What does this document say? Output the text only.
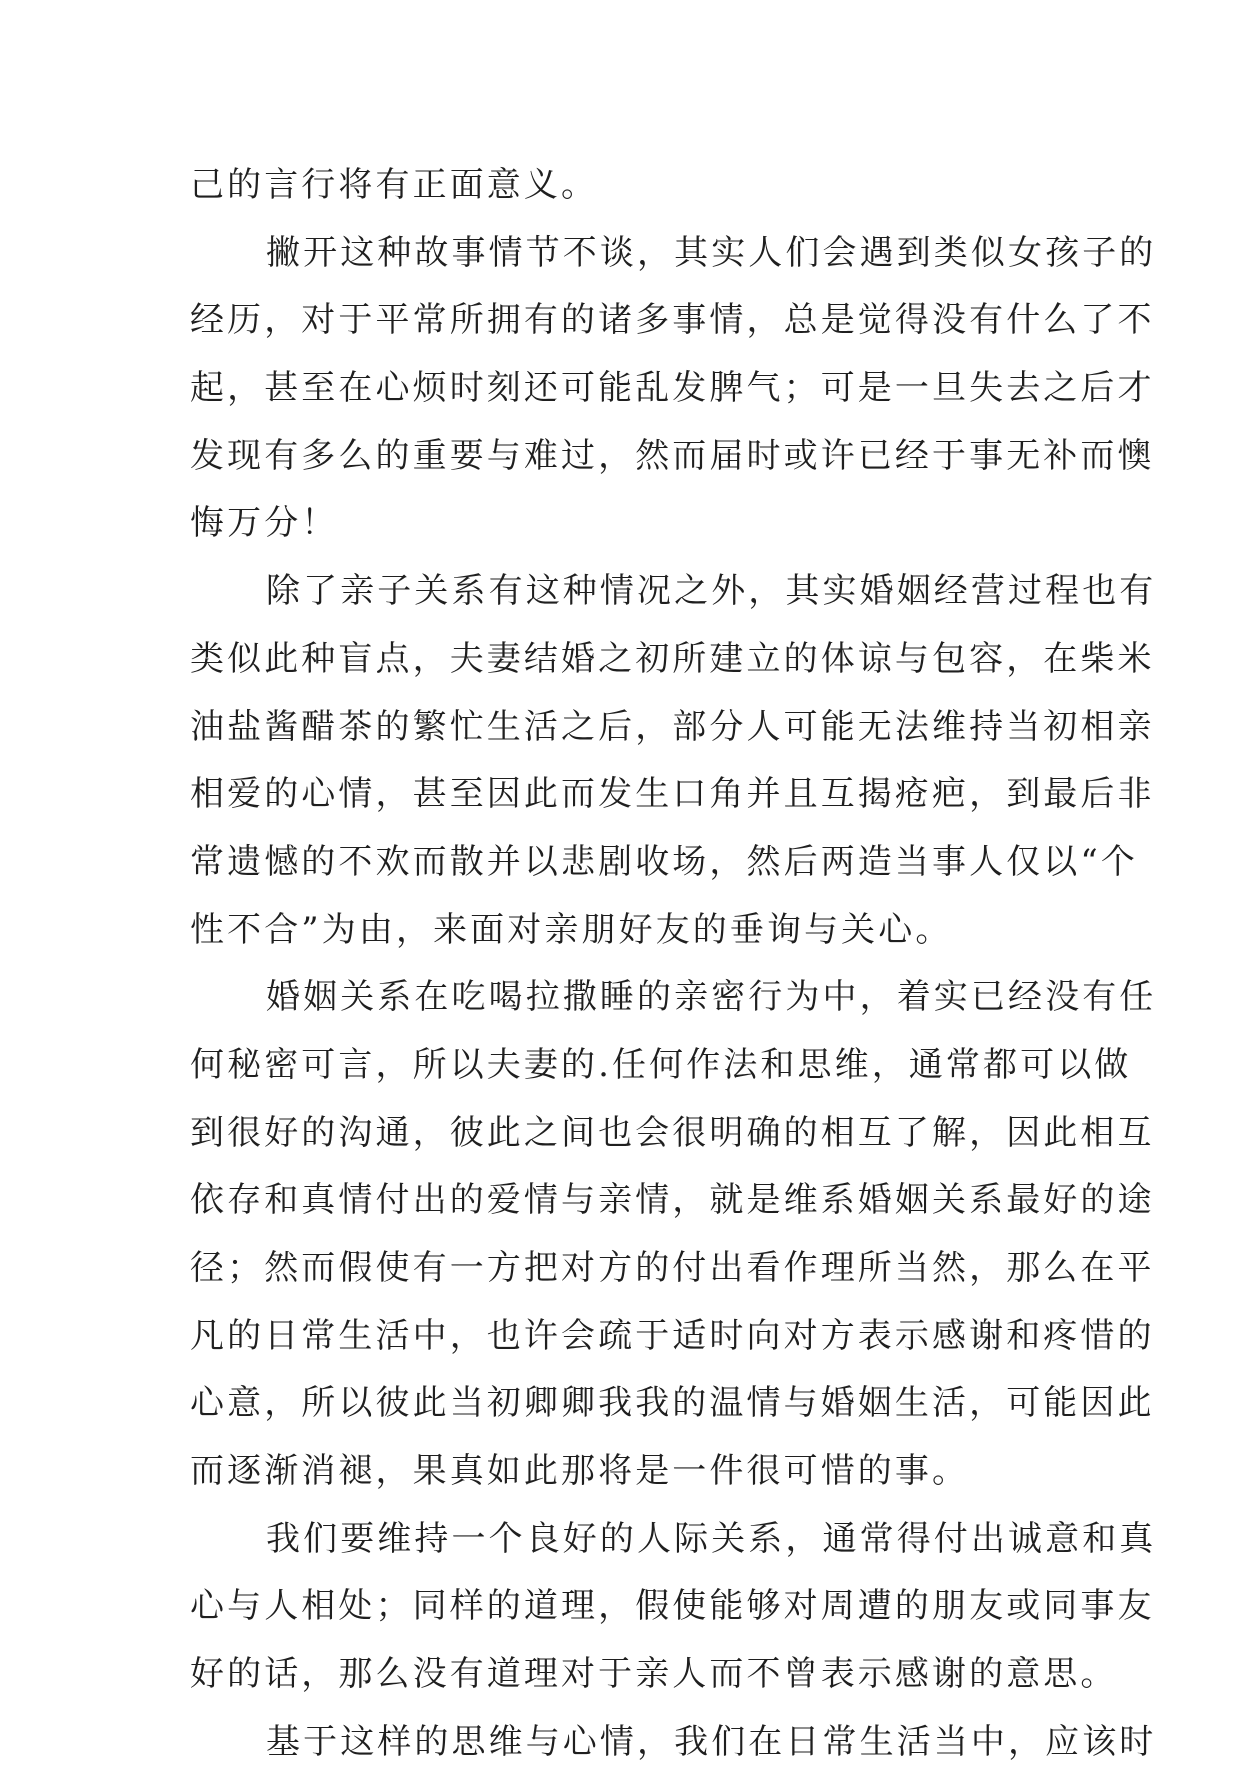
己的言行将有正面意义。
撇开这种故事情节不谈，其实人们会遇到类似女孩子的
经历，对于平常所拥有的诸多事情，总是觉得没有什么了不
起，甚至在心烦时刻还可能乱发脾气；可是一旦失去之后才
发现有多么的重要与难过，然而届时或许已经于事无补而懊
悔万分！
除了亲子关系有这种情况之外，其实婚姻经营过程也有
类似此种盲点，夫妻结婚之初所建立的体谅与包容，在柴米
油盐酱醋茶的繁忙生活之后，部分人可能无法维持当初相亲
相爱的心情，甚至因此而发生口角并且互揭疮疤，到最后非
常遗憾的不欢而散并以悲剧收场，然后两造当事人仅以“个
性不合”为由，来面对亲朋好友的垂询与关心。
婚姻关系在吃喝拉撒睡的亲密行为中，着实已经没有任
何秘密可言，所以夫妻的.任何作法和思维，通常都可以做
到很好的沟通，彼此之间也会很明确的相互了解，因此相互
依存和真情付出的爱情与亲情，就是维系婚姻关系最好的途
径；然而假使有一方把对方的付出看作理所当然，那么在平
凡的日常生活中，也许会疏于适时向对方表示感谢和疼惜的
心意，所以彼此当初卿卿我我的温情与婚姻生活，可能因此
而逐渐消褪，果真如此那将是一件很可惜的事。
我们要维持一个良好的人际关系，通常得付出诚意和真
心与人相处；同样的道理，假使能够对周遭的朋友或同事友
好的话，那么没有道理对于亲人而不曾表示感谢的意思。
基于这样的思维与心情，我们在日常生活当中，应该时
